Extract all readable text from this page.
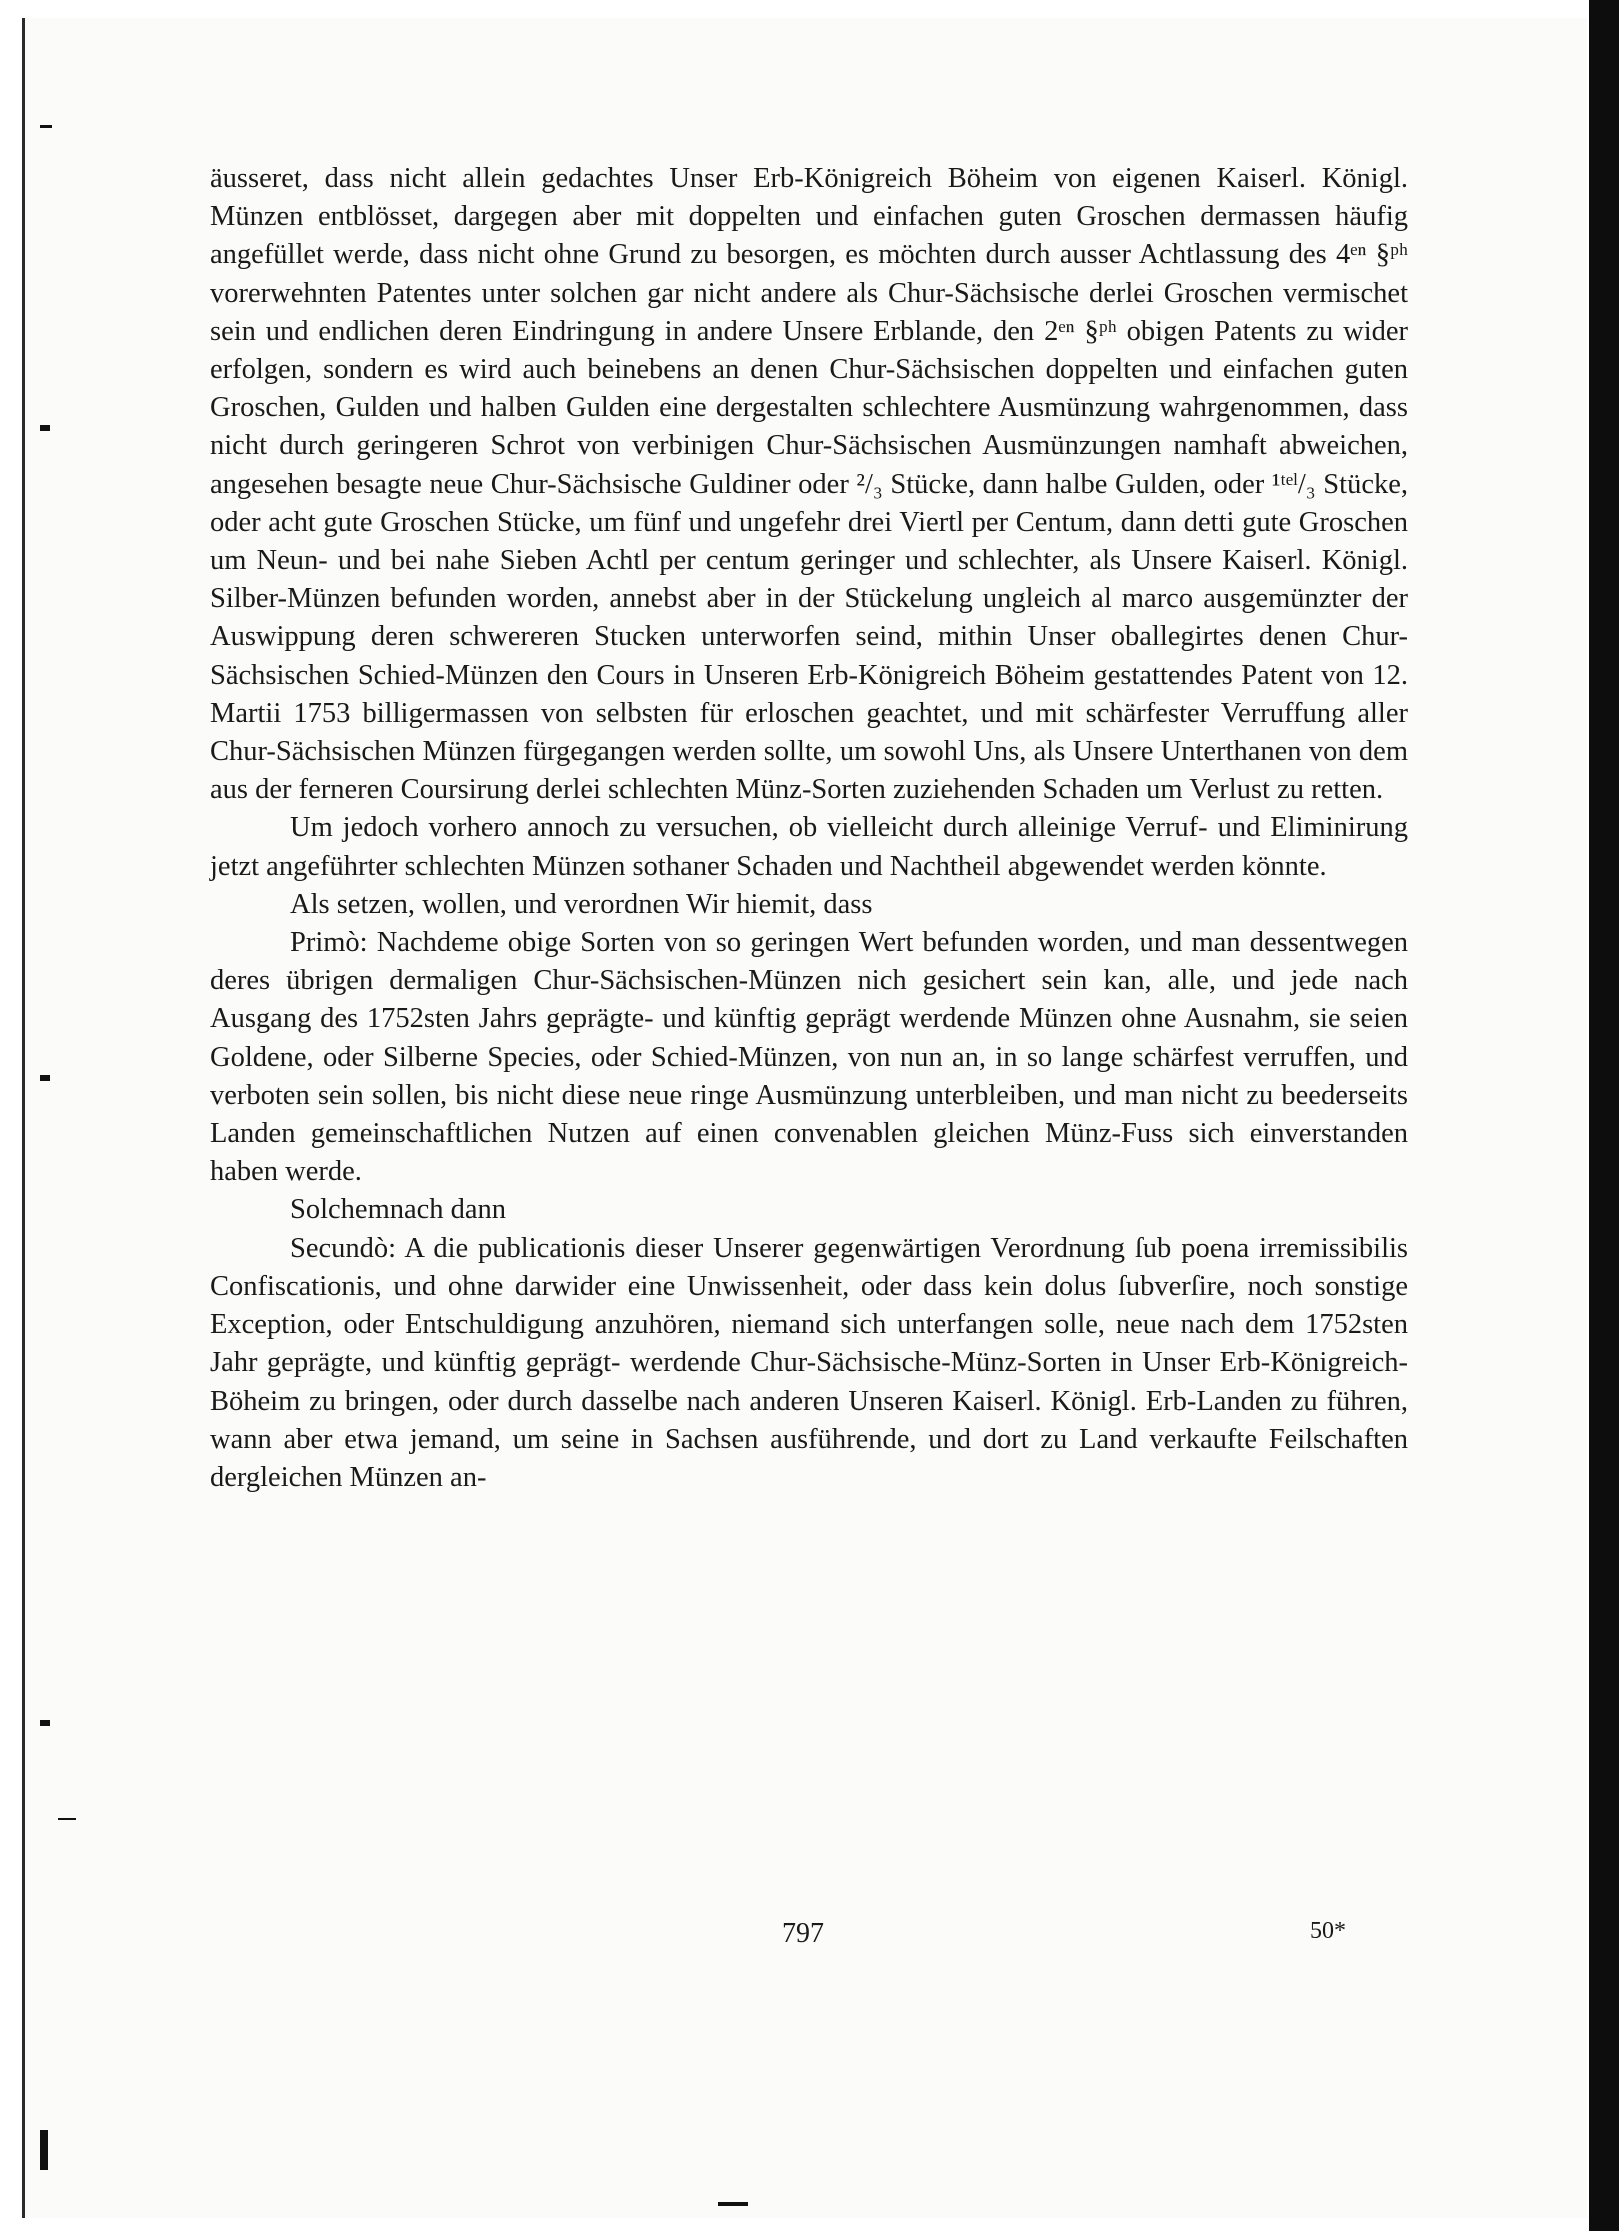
äusseret, dass nicht allein gedachtes Unser Erb-Königreich Böheim von eigenen Kaiserl. Königl. Münzen entblösset, dargegen aber mit doppelten und einfachen guten Groschen dermassen häufig angefüllet werde, dass nicht ohne Grund zu besorgen, es möchten durch ausser Achtlassung des 4ᵉⁿ §ᵖʰ vorerwehnten Patentes unter solchen gar nicht andere als Chur-Sächsische derlei Groschen vermischet sein und endlichen deren Eindringung in andere Unsere Erblande, den 2ᵉⁿ §ᵖʰ obigen Patents zu wider erfolgen, sondern es wird auch beinebens an denen Chur-Sächsischen doppelten und einfachen guten Groschen, Gulden und halben Gulden eine dergestalten schlechtere Ausmünzung wahrgenommen, dass nicht durch geringeren Schrot von verbinigen Chur-Sächsischen Ausmünzungen namhaft abweichen, angesehen besagte neue Chur-Sächsische Guldiner oder ²/₃ Stücke, dann halbe Gulden, oder ¹ᵗᵉˡ/₃ Stücke, oder acht gute Groschen Stücke, um fünf und ungefehr drei Viertl per Centum, dann detti gute Groschen um Neun- und bei nahe Sieben Achtl per centum geringer und schlechter, als Unsere Kaiserl. Königl. Silber-Münzen befunden worden, annebst aber in der Stückelung ungleich al marco ausgemünzter der Auswippung deren schwereren Stucken unterworfen seind, mithin Unser oballegirtes denen Chur-Sächsischen Schied-Münzen den Cours in Unseren Erb-Königreich Böheim gestattendes Patent von 12. Martii 1753 billigermassen von selbsten für erloschen geachtet, und mit schärfester Verruffung aller Chur-Sächsischen Münzen fürgegangen werden sollte, um sowohl Uns, als Unsere Unterthanen von dem aus der ferneren Coursirung derlei schlechten Münz-Sorten zuziehenden Schaden um Verlust zu retten.

Um jedoch vorhero annoch zu versuchen, ob vielleicht durch alleinige Verruf- und Eliminirung jetzt angeführter schlechten Münzen sothaner Schaden und Nachtheil abgewendet werden könnte.

Als setzen, wollen, und verordnen Wir hiemit, dass

Primò: Nachdeme obige Sorten von so geringen Wert befunden worden, und man dessentwegen deres übrigen dermaligen Chur-Sächsischen-Münzen nich gesichert sein kan, alle, und jede nach Ausgang des 1752sten Jahrs geprägte- und künftig geprägt werdende Münzen ohne Ausnahm, sie seien Goldene, oder Silberne Species, oder Schied-Münzen, von nun an, in so lange schärfest verruffen, und verboten sein sollen, bis nicht diese neue ringe Ausmünzung unterbleiben, und man nicht zu beederseits Landen gemeinschaftlichen Nutzen auf einen convenablen gleichen Münz-Fuss sich einverstanden haben werde.

Solchemnach dann

Secundò: A die publicationis dieser Unserer gegenwärtigen Verordnung ſub poena irremissibilis Confiscationis, und ohne darwider eine Unwissenheit, oder dass kein dolus ſubverſire, noch sonstige Exception, oder Entschuldigung anzuhören, niemand sich unterfangen solle, neue nach dem 1752sten Jahr geprägte, und künftig geprägt- werdende Chur-Sächsische-Münz-Sorten in Unser Erb-Königreich-Böheim zu bringen, oder durch dasselbe nach anderen Unseren Kaiserl. Königl. Erb-Landen zu führen, wann aber etwa jemand, um seine in Sachsen ausführende, und dort zu Land verkaufte Feilschaften dergleichen Münzen an-

797	50*
